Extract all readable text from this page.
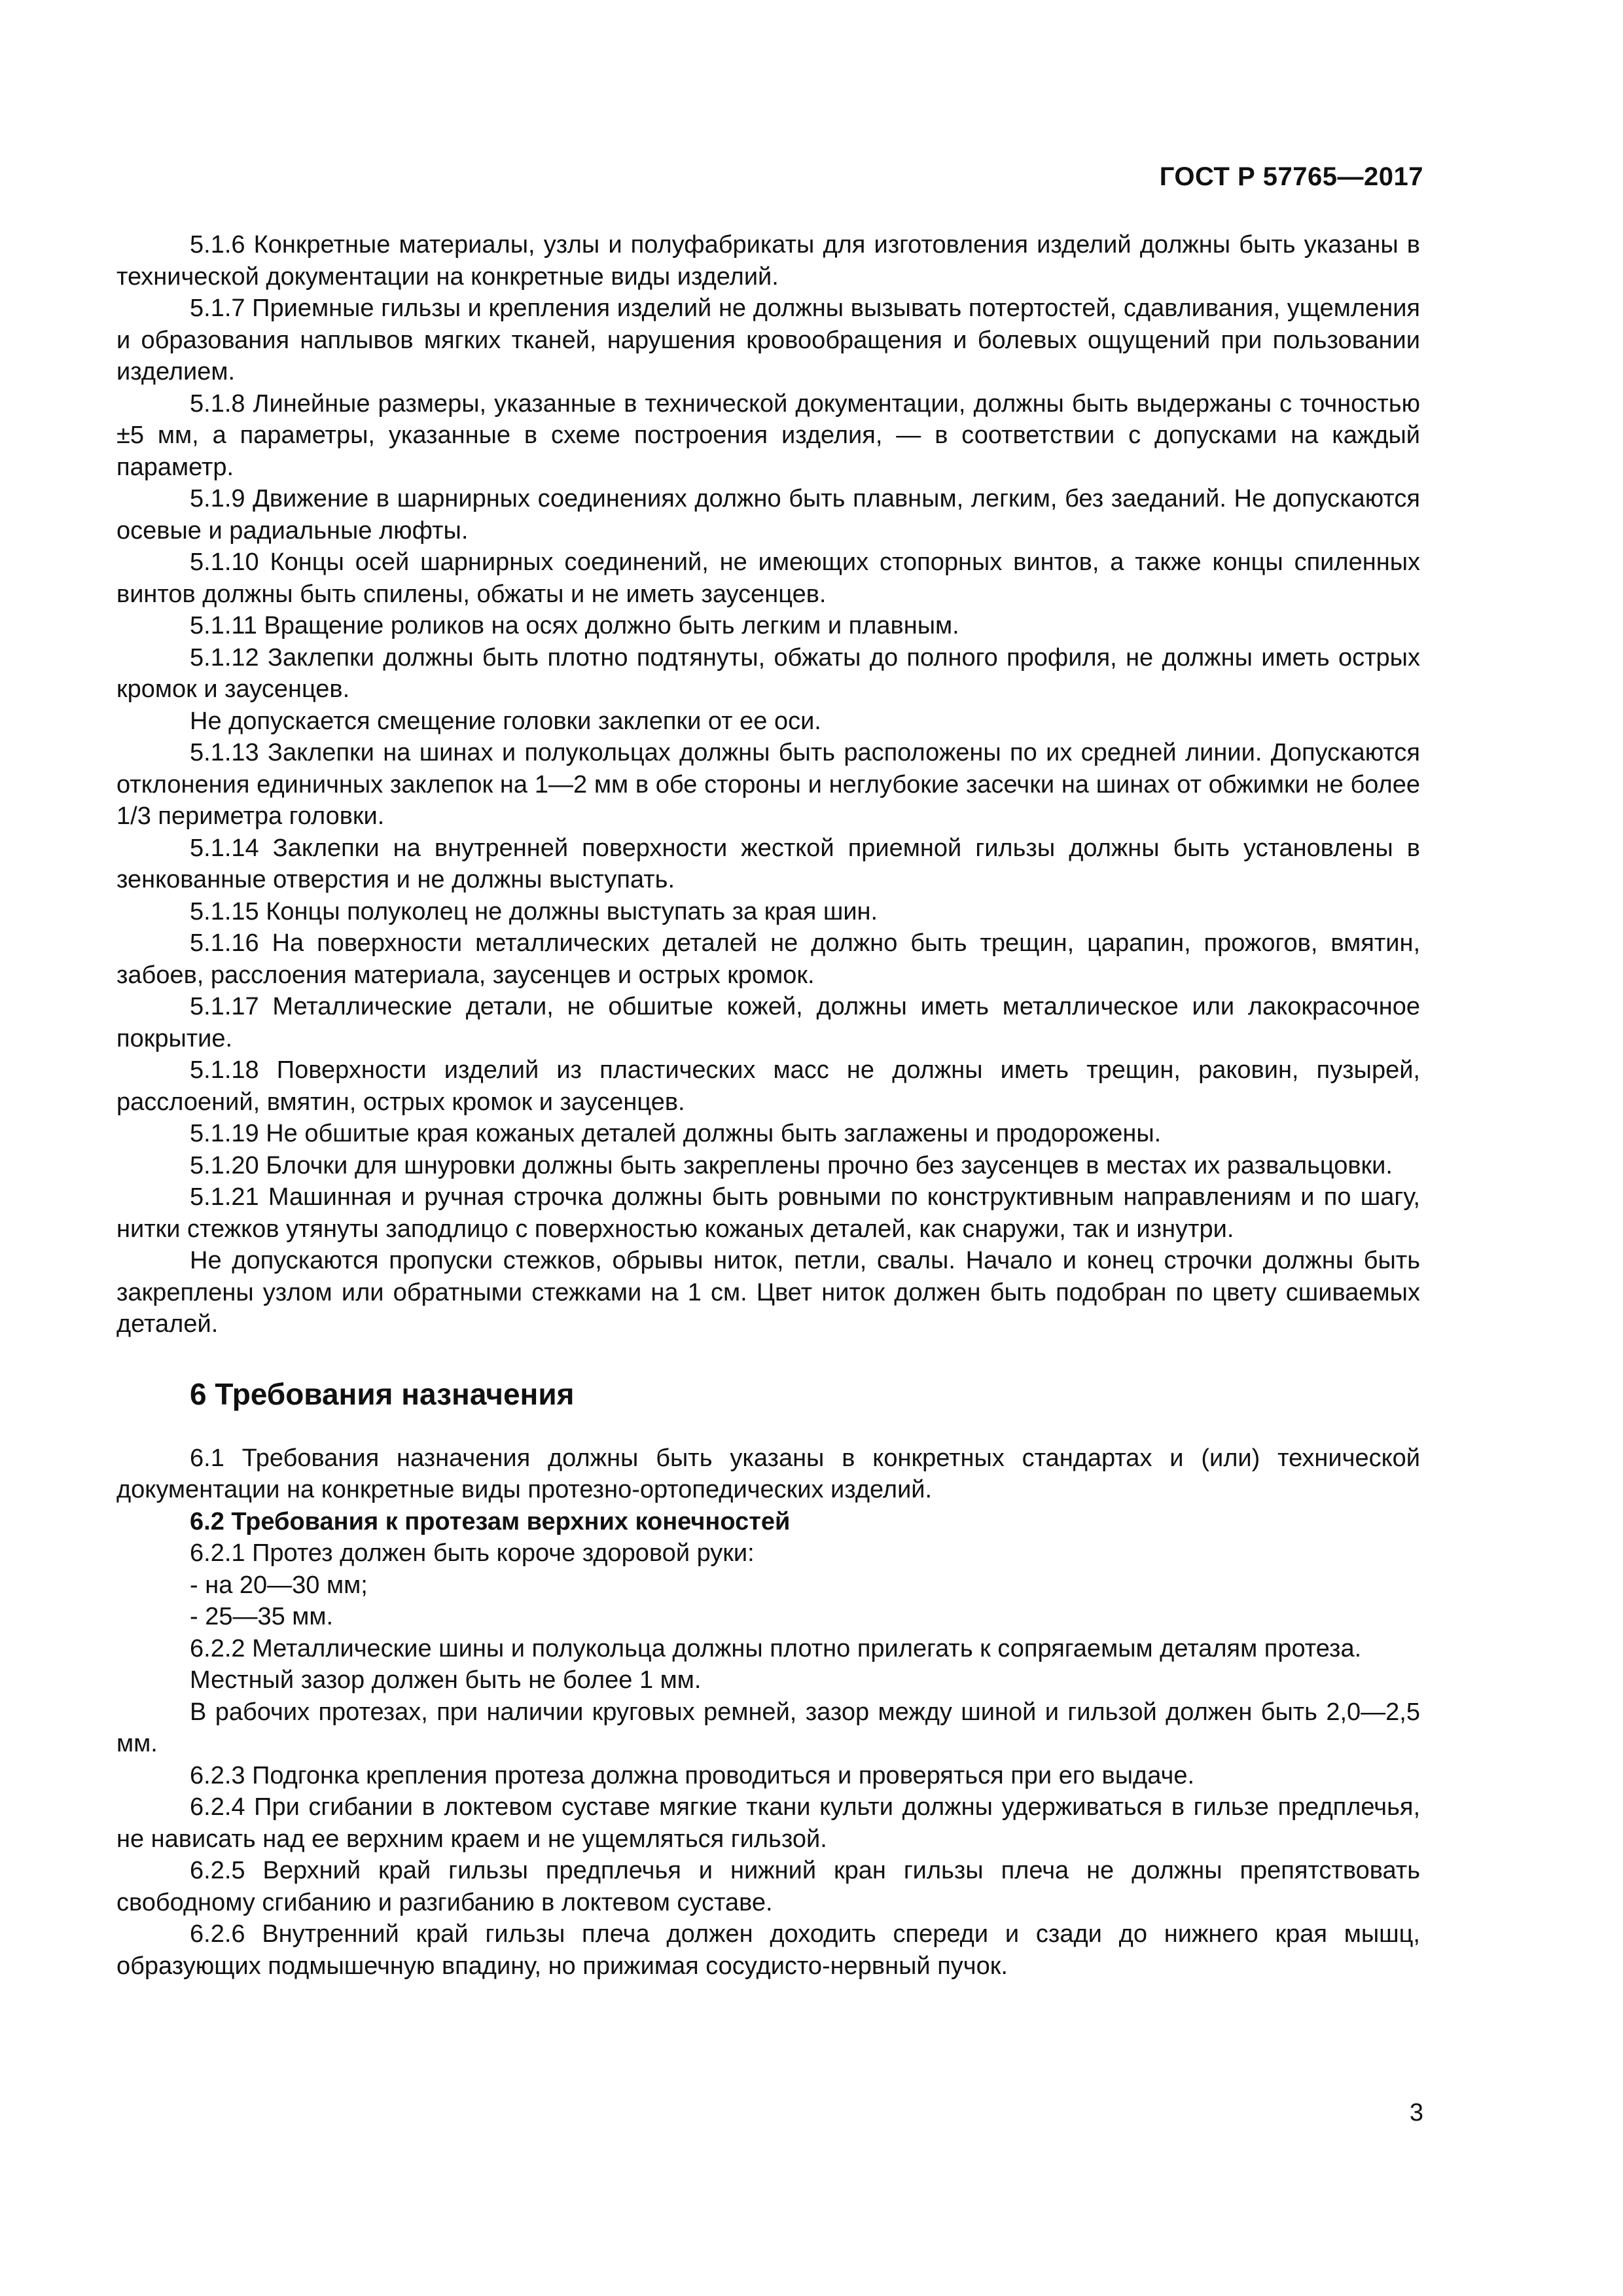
ГОСТ Р 57765—2017

5.1.6 Конкретные материалы, узлы и полуфабрикаты для изготовления изделий должны быть указаны в технической документации на конкретные виды изделий.

5.1.7 Приемные гильзы и крепления изделий не должны вызывать потертостей, сдавливания, ущемления и образования наплывов мягких тканей, нарушения кровообращения и болевых ощущений при пользовании изделием.

5.1.8 Линейные размеры, указанные в технической документации, должны быть выдержаны с точностью ±5 мм, а параметры, указанные в схеме построения изделия, — в соответствии с допусками на каждый параметр.

5.1.9 Движение в шарнирных соединениях должно быть плавным, легким, без заеданий. Не допускаются осевые и радиальные люфты.

5.1.10 Концы осей шарнирных соединений, не имеющих стопорных винтов, а также концы спиленных винтов должны быть спилены, обжаты и не иметь заусенцев.

5.1.11 Вращение роликов на осях должно быть легким и плавным.

5.1.12 Заклепки должны быть плотно подтянуты, обжаты до полного профиля, не должны иметь острых кромок и заусенцев.

Не допускается смещение головки заклепки от ее оси.

5.1.13 Заклепки на шинах и полукольцах должны быть расположены по их средней линии. Допускаются отклонения единичных заклепок на 1—2 мм в обе стороны и неглубокие засечки на шинах от обжимки не более 1/3 периметра головки.

5.1.14 Заклепки на внутренней поверхности жесткой приемной гильзы должны быть установлены в зенкованные отверстия и не должны выступать.

5.1.15 Концы полуколец не должны выступать за края шин.

5.1.16 На поверхности металлических деталей не должно быть трещин, царапин, прожогов, вмятин, забоев, расслоения материала, заусенцев и острых кромок.

5.1.17 Металлические детали, не обшитые кожей, должны иметь металлическое или лакокрасочное покрытие.

5.1.18 Поверхности изделий из пластических масс не должны иметь трещин, раковин, пузырей, расслоений, вмятин, острых кромок и заусенцев.

5.1.19 Не обшитые края кожаных деталей должны быть заглажены и продорожены.

5.1.20 Блочки для шнуровки должны быть закреплены прочно без заусенцев в местах их развальцовки.

5.1.21 Машинная и ручная строчка должны быть ровными по конструктивным направлениям и по шагу, нитки стежков утянуты заподлицо с поверхностью кожаных деталей, как снаружи, так и изнутри.

Не допускаются пропуски стежков, обрывы ниток, петли, свалы. Начало и конец строчки должны быть закреплены узлом или обратными стежками на 1 см. Цвет ниток должен быть подобран по цвету сшиваемых деталей.

6 Требования назначения

6.1 Требования назначения должны быть указаны в конкретных стандартах и (или) технической документации на конкретные виды протезно-ортопедических изделий.

6.2 Требования к протезам верхних конечностей

6.2.1 Протез должен быть короче здоровой руки:

- на 20—30 мм;

- 25—35 мм.

6.2.2 Металлические шины и полукольца должны плотно прилегать к сопрягаемым деталям протеза.

Местный зазор должен быть не более 1 мм.

В рабочих протезах, при наличии круговых ремней, зазор между шиной и гильзой должен быть 2,0—2,5 мм.

6.2.3 Подгонка крепления протеза должна проводиться и проверяться при его выдаче.

6.2.4 При сгибании в локтевом суставе мягкие ткани культи должны удерживаться в гильзе предплечья, не нависать над ее верхним краем и не ущемляться гильзой.

6.2.5 Верхний край гильзы предплечья и нижний кран гильзы плеча не должны препятствовать свободному сгибанию и разгибанию в локтевом суставе.

6.2.6 Внутренний край гильзы плеча должен доходить спереди и сзади до нижнего края мышц, образующих подмышечную впадину, но прижимая сосудисто-нервный пучок.

3
